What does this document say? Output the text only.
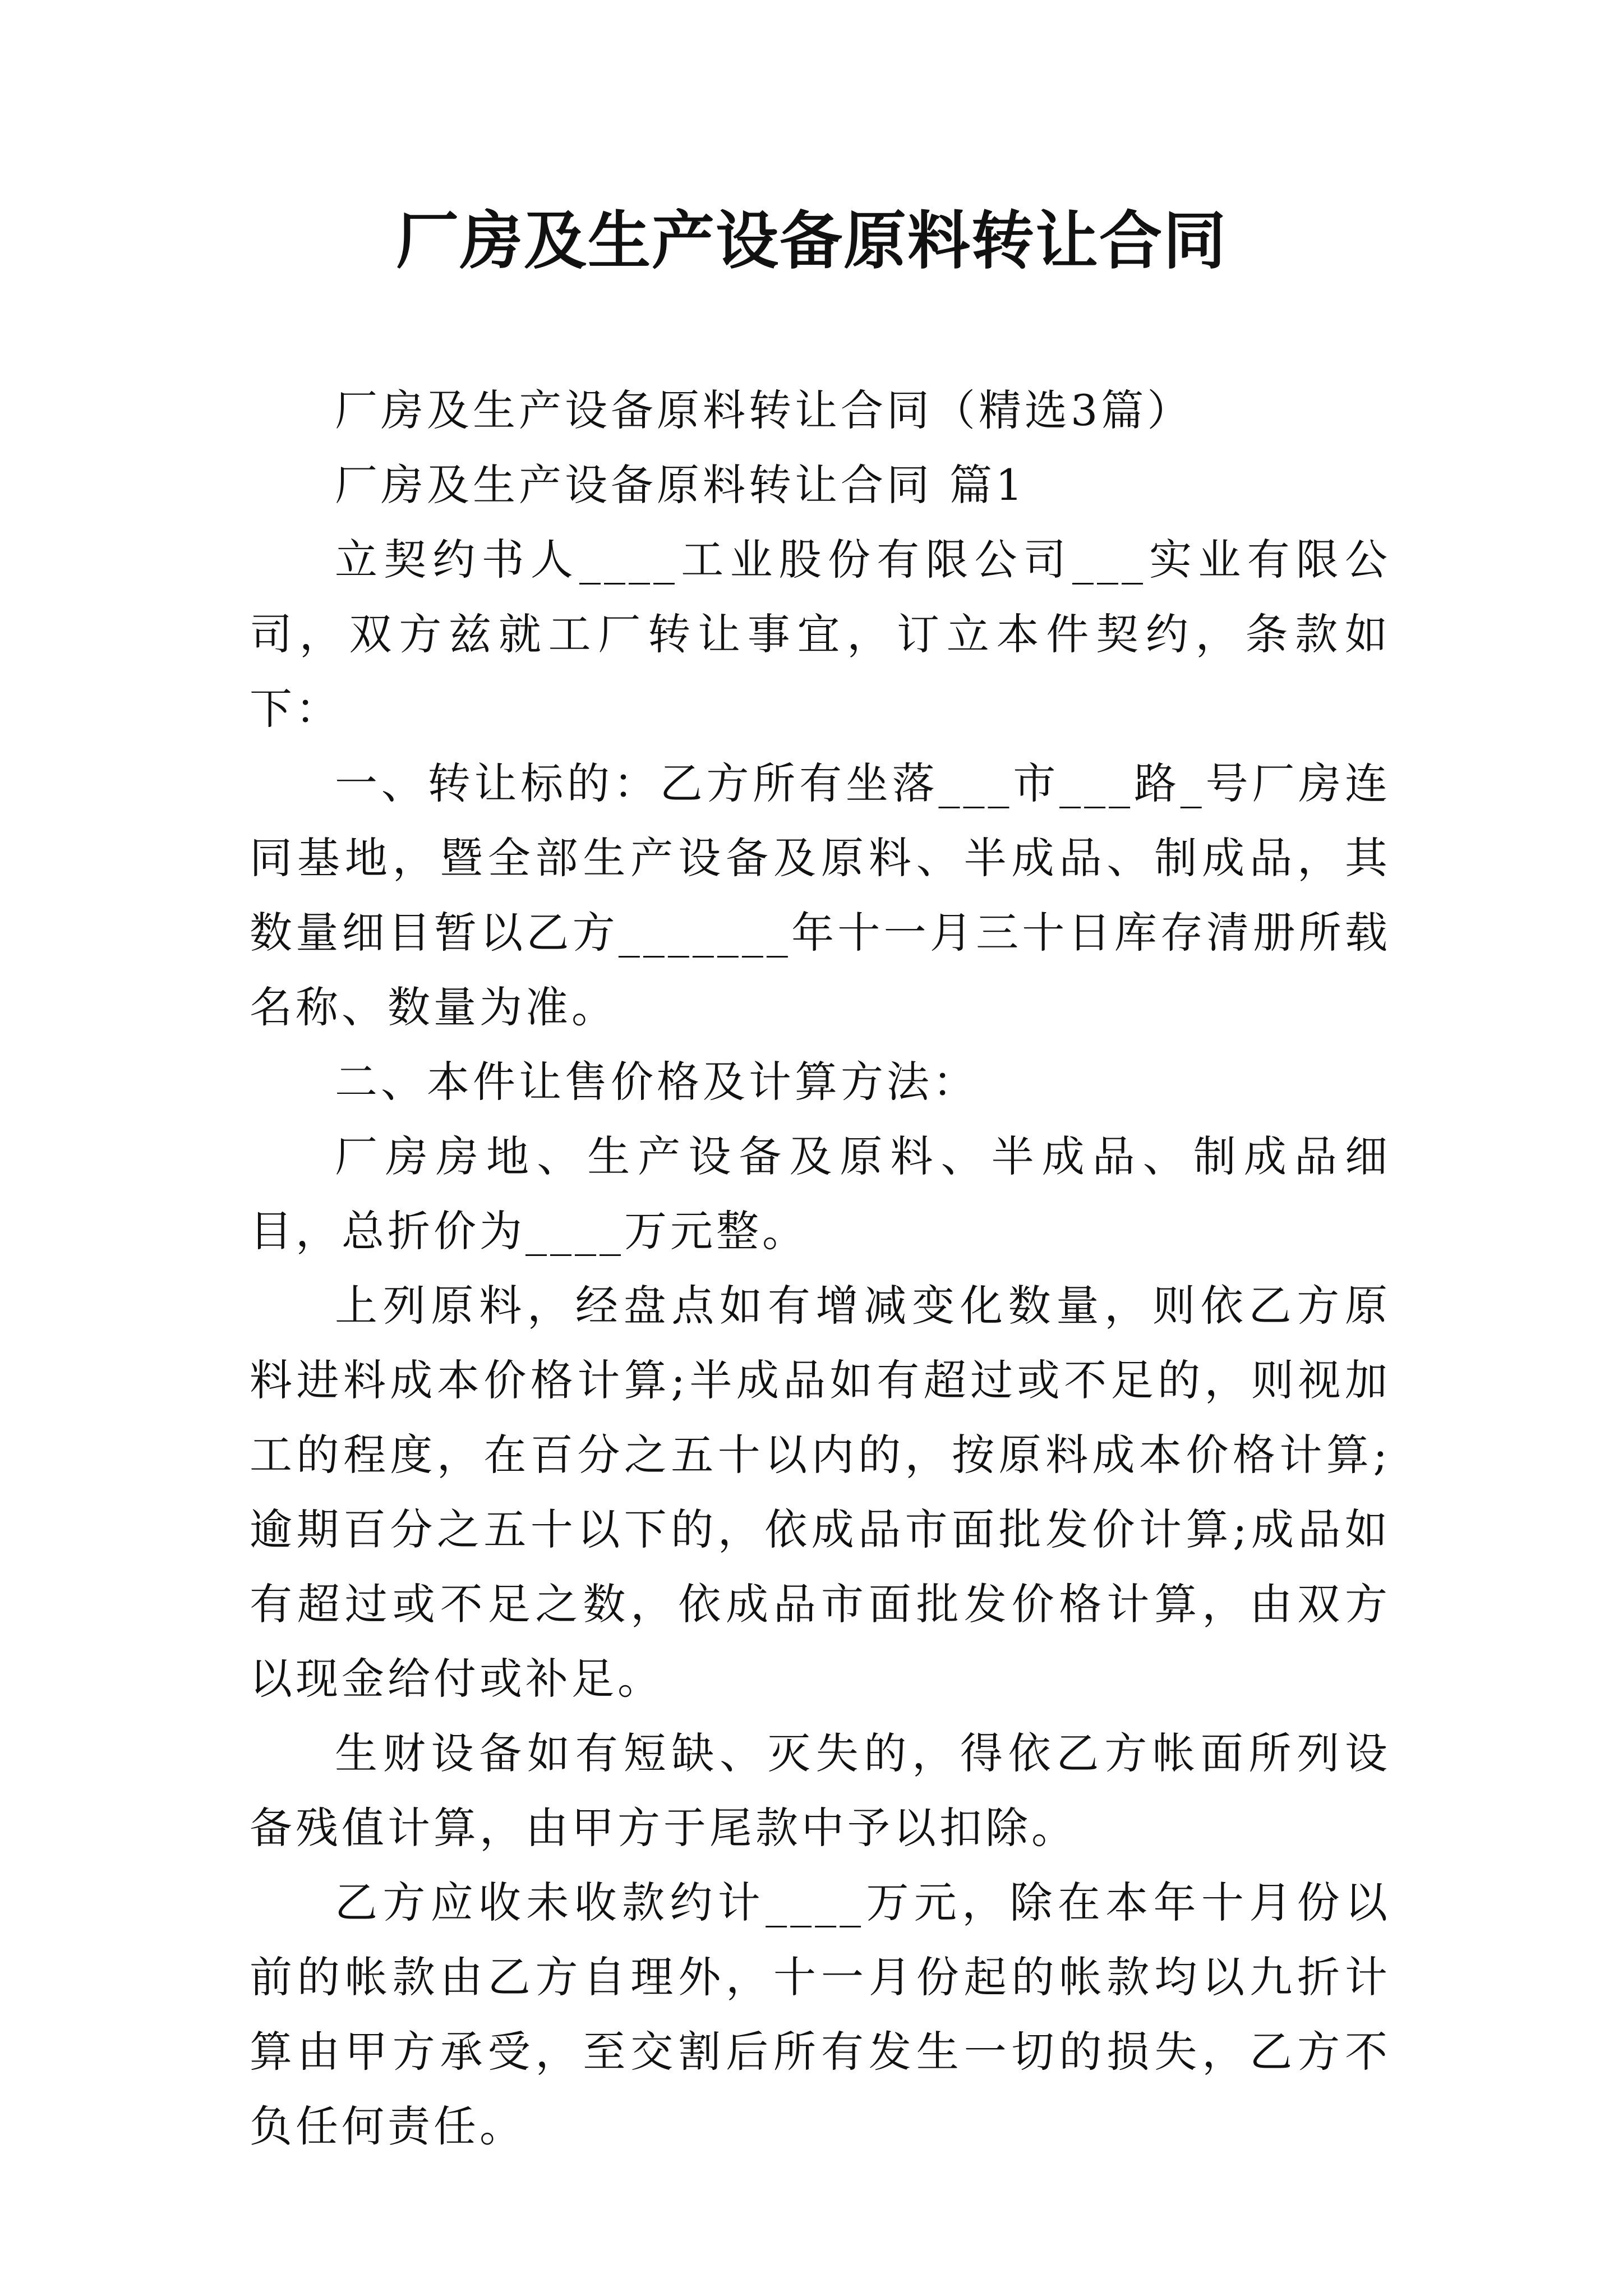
厂房及生产设备原料转让合同

厂房及生产设备原料转让合同（精选3篇）

厂房及生产设备原料转让合同 篇1

立契约书人____工业股份有限公司___实业有限公司，双方兹就工厂转让事宜，订立本件契约，条款如下：

一、转让标的：乙方所有坐落___市___路_号厂房连同基地，暨全部生产设备及原料、半成品、制成品，其数量细目暂以乙方_______年十一月三十日库存清册所载名称、数量为准。

二、本件让售价格及计算方法：

厂房房地、生产设备及原料、半成品、制成品细目，总折价为____万元整。

上列原料，经盘点如有增减变化数量，则依乙方原料进料成本价格计算;半成品如有超过或不足的，则视加工的程度，在百分之五十以内的，按原料成本价格计算;逾期百分之五十以下的，依成品市面批发价计算;成品如有超过或不足之数，依成品市面批发价格计算，由双方以现金给付或补足。

生财设备如有短缺、灭失的，得依乙方帐面所列设备残值计算，由甲方于尾款中予以扣除。

乙方应收未收款约计____万元，除在本年十月份以前的帐款由乙方自理外，十一月份起的帐款均以九折计算由甲方承受，至交割后所有发生一切的损失，乙方不负任何责任。
